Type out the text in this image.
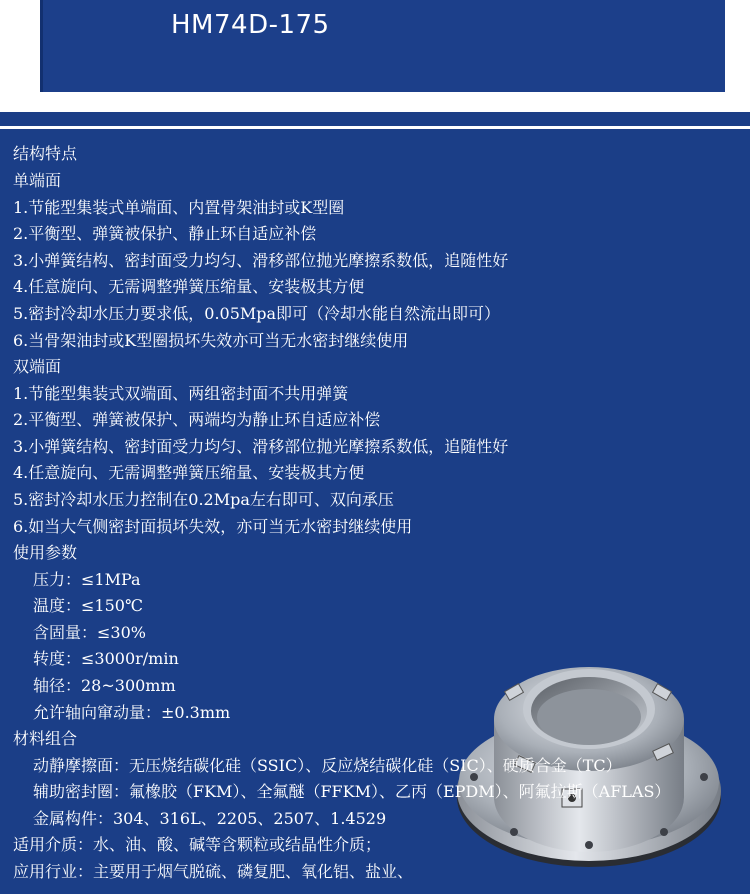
HM74D-175
结构特点
单端面
1.节能型集装式单端面、内置骨架油封或K型圈
2.平衡型、弹簧被保护、静止环自适应补偿
3.小弹簧结构、密封面受力均匀、滑移部位抛光摩擦系数低，追随性好
4.任意旋向、无需调整弹簧压缩量、安装极其方便
5.密封冷却水压力要求低，0.05Mpa即可（冷却水能自然流出即可）
6.当骨架油封或K型圈损坏失效亦可当无水密封继续使用
双端面
1.节能型集装式双端面、两组密封面不共用弹簧
2.平衡型、弹簧被保护、两端均为静止环自适应补偿
3.小弹簧结构、密封面受力均匀、滑移部位抛光摩擦系数低，追随性好
4.任意旋向、无需调整弹簧压缩量、安装极其方便
5.密封冷却水压力控制在0.2Mpa左右即可、双向承压
6.如当大气侧密封面损坏失效，亦可当无水密封继续使用
使用参数
压力：≤1MPa
温度：≤150℃
含固量：≤30%
转度：≤3000r/min
轴径：28~300mm
允许轴向窜动量：±0.3mm
材料组合
动静摩擦面：无压烧结碳化硅（SSIC）、反应烧结碳化硅（SIC）、硬质合金（TC）
辅助密封圈：氟橡胶（FKM）、全氟醚（FFKM）、乙丙（EPDM）、阿氟拉斯（AFLAS）
金属构件：304、316L、2205、2507、1.4529
适用介质：水、油、酸、碱等含颗粒或结晶性介质；
应用行业：主要用于烟气脱硫、磷复肥、氧化铝、盐业、
